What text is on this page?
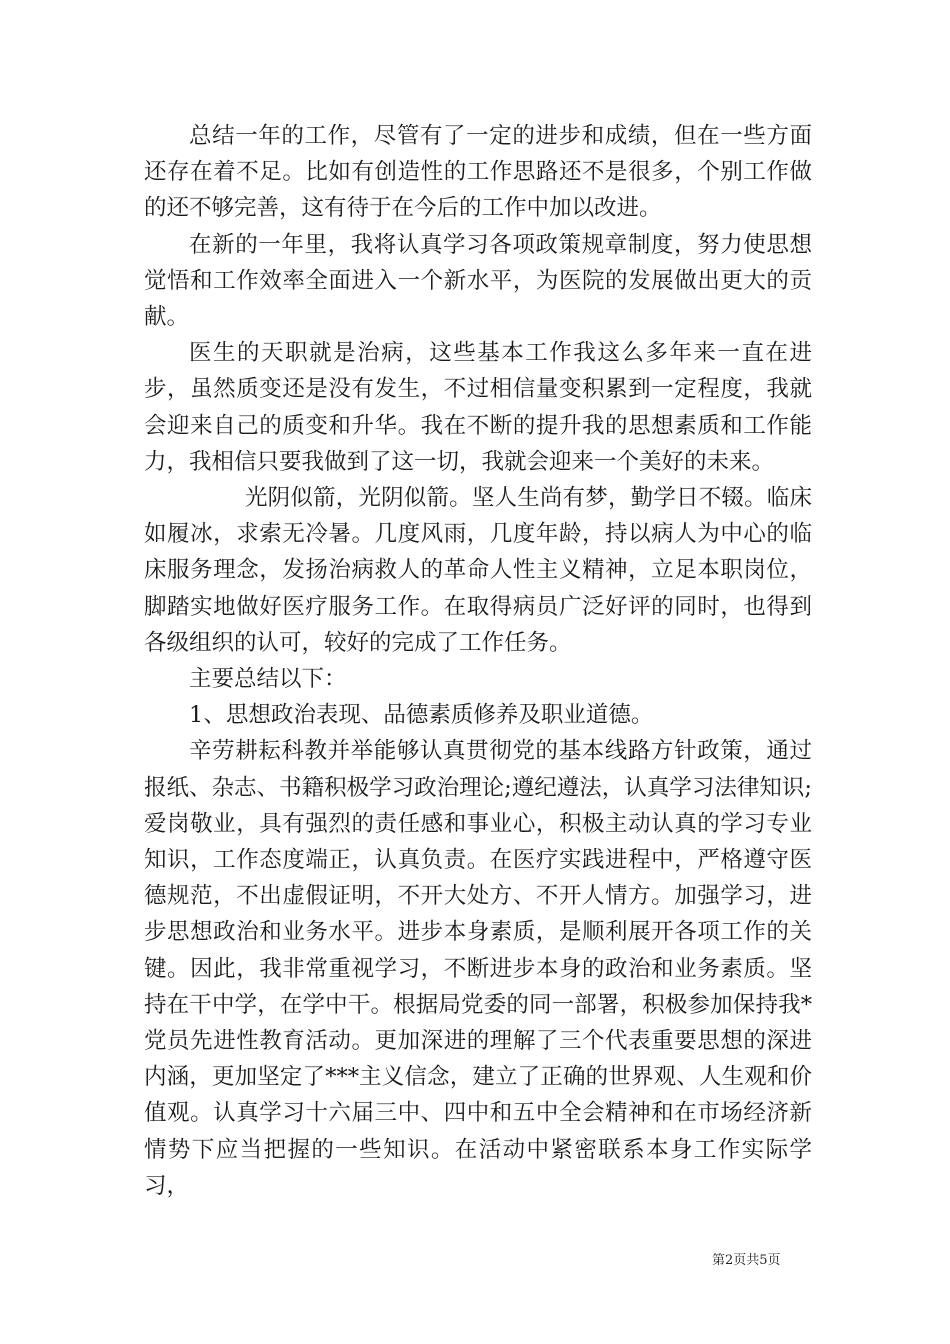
总结一年的工作，尽管有了一定的进步和成绩，但在一些方面还存在着不足。比如有创造性的工作思路还不是很多，个别工作做的还不够完善，这有待于在今后的工作中加以改进。

在新的一年里，我将认真学习各项政策规章制度，努力使思想觉悟和工作效率全面进入一个新水平，为医院的发展做出更大的贡献。

医生的天职就是治病，这些基本工作我这么多年来一直在进步，虽然质变还是没有发生，不过相信量变积累到一定程度，我就会迎来自己的质变和升华。我在不断的提升我的思想素质和工作能力，我相信只要我做到了这一切，我就会迎来一个美好的未来。

光阴似箭，光阴似箭。坚人生尚有梦，勤学日不辍。临床如履冰，求索无冷暑。几度风雨，几度年龄，持以病人为中心的临床服务理念，发扬治病救人的革命人性主义精神，立足本职岗位，脚踏实地做好医疗服务工作。在取得病员广泛好评的同时，也得到各级组织的认可，较好的完成了工作任务。

主要总结以下：

1、思想政治表现、品德素质修养及职业道德。

辛劳耕耘科教并举能够认真贯彻党的基本线路方针政策，通过报纸、杂志、书籍积极学习政治理论;遵纪遵法，认真学习法律知识;爱岗敬业，具有强烈的责任感和事业心，积极主动认真的学习专业知识，工作态度端正，认真负责。在医疗实践进程中，严格遵守医德规范，不出虚假证明，不开大处方、不开人情方。加强学习，进步思想政治和业务水平。进步本身素质，是顺利展开各项工作的关键。因此，我非常重视学习，不断进步本身的政治和业务素质。坚持在干中学，在学中干。根据局党委的同一部署，积极参加保持我*党员先进性教育活动。更加深进的理解了三个代表重要思想的深进内涵，更加坚定了***主义信念，建立了正确的世界观、人生观和价值观。认真学习十六届三中、四中和五中全会精神和在市场经济新情势下应当把握的一些知识。在活动中紧密联系本身工作实际学习，

第2页共5页
